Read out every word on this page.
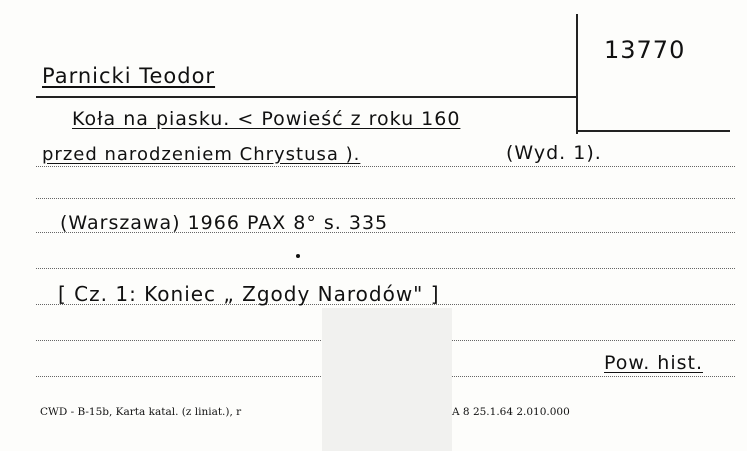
13770
Parnicki Teodor
Koła na piasku. < Powieść z roku 160
przed narodzeniem Chrystusa ).	(Wyd. 1).
(Warszawa) 1966 PAX 8° s. 335
[ Cz. 1: Koniec „ Zgody Narodów" ]
Pow. hist.
CWD - B-15b, Karta katal. (z liniat.), r	A 8 25.1.64 2.010.000
